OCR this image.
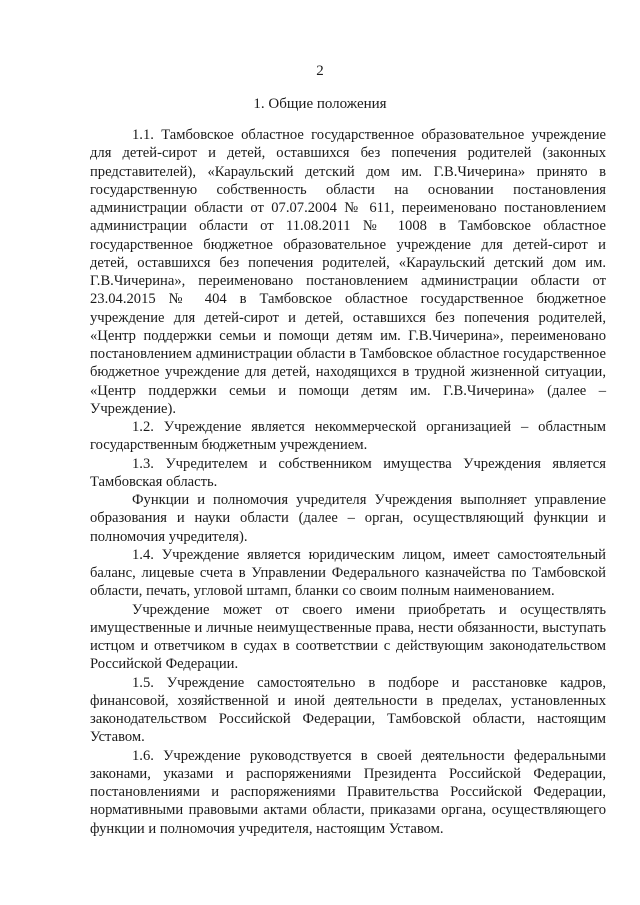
2
1. Общие положения

1.1. Тамбовское областное государственное образовательное учреждение для детей-сирот и детей, оставшихся без попечения родителей (законных представителей), «Караульский детский дом им. Г.В.Чичерина» принято в государственную собственность области на основании постановления администрации области от 07.07.2004 № 611, переименовано постановлением администрации области от 11.08.2011 № 1008 в Тамбовское областное государственное бюджетное образовательное учреждение для детей-сирот и детей, оставшихся без попечения родителей, «Караульский детский дом им. Г.В.Чичерина», переименовано постановлением администрации области от 23.04.2015 № 404 в Тамбовское областное государственное бюджетное учреждение для детей-сирот и детей, оставшихся без попечения родителей, «Центр поддержки семьи и помощи детям им. Г.В.Чичерина», переименовано постановлением администрации области в Тамбовское областное государственное бюджетное учреждение для детей, находящихся в трудной жизненной ситуации, «Центр поддержки семьи и помощи детям им. Г.В.Чичерина» (далее – Учреждение).

1.2. Учреждение является некоммерческой организацией – областным государственным бюджетным учреждением.

1.3. Учредителем и собственником имущества Учреждения является Тамбовская область.

Функции и полномочия учредителя Учреждения выполняет управление образования и науки области (далее – орган, осуществляющий функции и полномочия учредителя).

1.4. Учреждение является юридическим лицом, имеет самостоятельный баланс, лицевые счета в Управлении Федерального казначейства по Тамбовской области, печать, угловой штамп, бланки со своим полным наименованием.

Учреждение может от своего имени приобретать и осуществлять имущественные и личные неимущественные права, нести обязанности, выступать истцом и ответчиком в судах в соответствии с действующим законодательством Российской Федерации.

1.5. Учреждение самостоятельно в подборе и расстановке кадров, финансовой, хозяйственной и иной деятельности в пределах, установленных законодательством Российской Федерации, Тамбовской области, настоящим Уставом.

1.6. Учреждение руководствуется в своей деятельности федеральными законами, указами и распоряжениями Президента Российской Федерации, постановлениями и распоряжениями Правительства Российской Федерации, нормативными правовыми актами области, приказами органа, осуществляющего функции и полномочия учредителя, настоящим Уставом.
